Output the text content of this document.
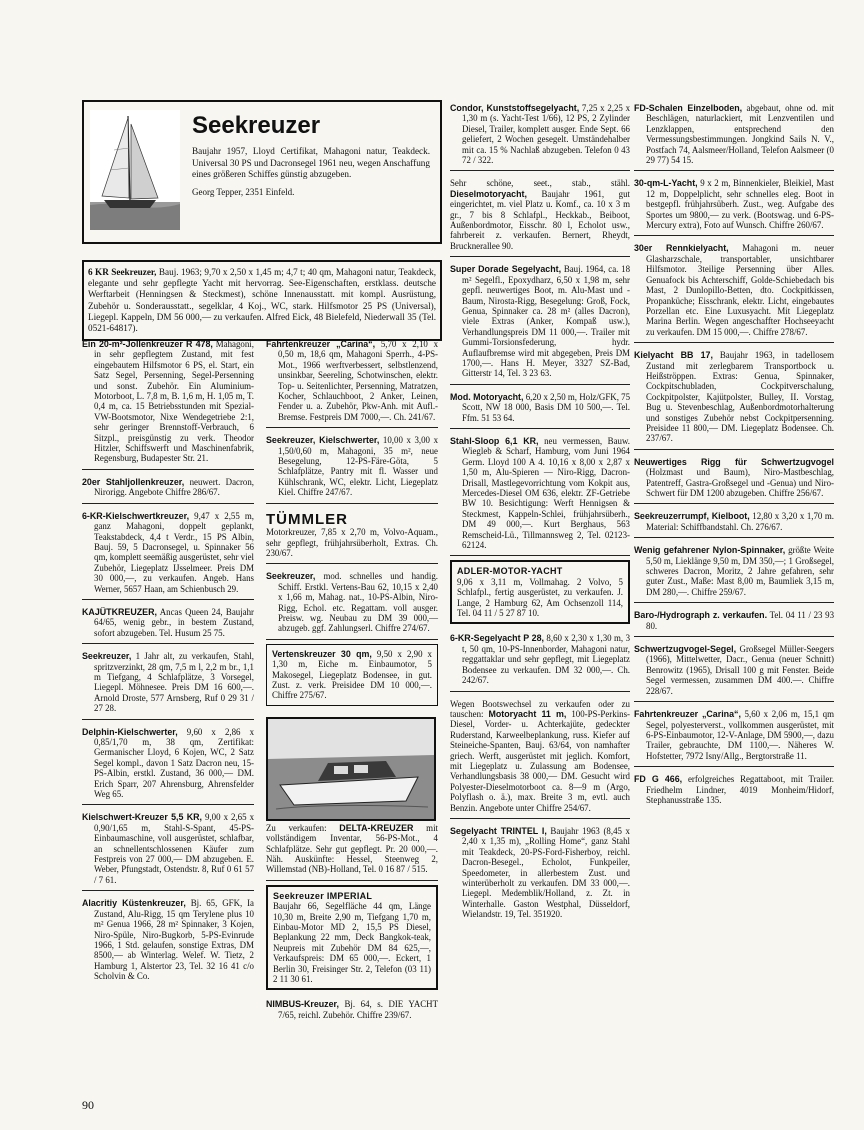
Seekreuzer
Baujahr 1957, Lloyd Certifikat, Mahagoni natur, Teakdeck. Universal 30 PS und Dacronsegel 1961 neu, wegen Anschaffung eines größeren Schiffes günstig abzugeben.
Georg Tepper, 2351 Einfeld.
6 KR Seekreuzer, Bauj. 1963; 9,70 x 2,50 x 1,45 m; 4,7 t; 40 qm, Mahagoni natur, Teakdeck, elegante und sehr gepflegte Yacht mit hervorrag. See-Eigenschaften, erstklass. deutsche Werftarbeit (Henningsen & Steckmest), schöne Innenausstatt. mit kompl. Ausrüstung, Zubehör u. Sonderausstatt., segelklar, 4 Koj., WC, stark. Hilfsmotor 25 PS (Universal), Liegepl. Kappeln, DM 56 000,— zu verkaufen. Alfred Eick, 48 Bielefeld, Niederwall 35 (Tel. 0521-64817).
Ein 20-m²-Jollenkreuzer R 478, Mahagoni, in sehr gepflegtem Zustand, mit fest eingebautem Hilfsmotor 6 PS, el. Start, ein Satz Segel, Persenning, Segel-Persenning und sonst. Zubehör. Ein Aluminium-Motorboot, L. 7,8 m, B. 1,6 m, H. 1,05 m, T. 0,4 m, ca. 15 Betriebsstunden mit Spezial-VW-Bootsmotor, Nixe Wendegetriebe 2:1, sehr geringer Brennstoff-Verbrauch, 6 Sitzpl., preisgünstig zu verk. Theodor Hitzler, Schiffswerft und Maschinenfabrik, Regensburg, Budapester Str. 21.
20er Stahljollenkreuzer, neuwert. Dacron, Nirorigg. Angebote Chiffre 286/67.
6-KR-Kielschwertkreuzer, 9,47 x 2,55 m, ganz Mahagoni, doppelt geplankt, Teakstabdeck, 4,4 t Verdr., 15 PS Albin, Bauj. 59, 5 Dacronsegel, u. Spinnaker 56 qm, komplett seemäßig ausgerüstet, sehr viel Zubehör, Liegeplatz IJsselmeer. Preis DM 30 000,—, zu verkaufen. Angeb. Hans Werner, 5657 Haan, am Schienbusch 29.
KAJÜTKREUZER, Ancas Queen 24, Baujahr 64/65, wenig gebr., in bestem Zustand, sofort abzugeben. Tel. Husum 25 75.
Seekreuzer, 1 Jahr alt, zu verkaufen, Stahl, spritzverzinkt, 28 qm, 7,5 m l, 2,2 m br., 1,1 m Tiefgang, 4 Schlafplätze, 3 Vorsegel, Liegepl. Möhnesee. Preis DM 16 600,—. Arnold Droste, 577 Arnsberg, Ruf 0 29 31 / 27 28.
Delphin-Kielschwerter, 9,60 x 2,86 x 0,85/1,70 m, 38 qm, Zertifikat: Germanischer Lloyd, 6 Kojen, WC, 2 Satz Segel kompl., davon 1 Satz Dacron neu, 15-PS-Albin, erstkl. Zustand, 36 000,— DM. Erich Sparr, 207 Ahrensburg, Ahrensfelder Weg 65.
Kielschwert-Kreuzer 5,5 KR, 9,00 x 2,65 x 0,90/1,65 m, Stahl-S-Spant, 45-PS-Einbaumaschine, voll ausgerüstet, schlafbar, an schnellentschlossenen Käufer zum Festpreis von 27 000,— DM abzugeben. E. Weber, Pfungstadt, Ostendstr. 8, Ruf 0 61 57 / 7 61.
Alacritiy Küstenkreuzer, Bj. 65, GFK, Ia Zustand, Alu-Rigg, 15 qm Terylene plus 10 m² Genua 1966, 28 m² Spinnaker, 3 Kojen, Niro-Spüle, Niro-Bugkorb, 5-PS-Evinrude 1966, 1 Std. gelaufen, sonstige Extras, DM 8500,— ab Winterlag. Welef. W. Tietz, 2 Hamburg 1, Alstertor 23, Tel. 32 16 41 c/o Scholvin & Co.
Fahrtenkreuzer „Carina“, 5,70 x 2,10 x 0,50 m, 18,6 qm, Mahagoni Sperrh., 4-PS-Mot., 1966 werftverbessert, selbstlenzend, unsinkbar, Seereling, Schotwinschen, elektr. Top- u. Seitenlichter, Persenning, Matratzen, Kocher, Schlauchboot, 2 Anker, Leinen, Fender u. a. Zubehör, Pkw-Anh. mit Aufl.-Bremse. Festpreis DM 7000,—. Ch. 241/67.
Seekreuzer, Kielschwerter, 10,00 x 3,00 x 1,50/0,60 m, Mahagoni, 35 m², neue Besegelung, 12-PS-Färe-Göta, 5 Schlafplätze, Pantry mit fl. Wasser und Kühlschrank, WC, elektr. Licht, Liegeplatz Kiel. Chiffre 247/67.
TÜMMLER
Motorkreuzer, 7,85 x 2,70 m, Volvo-Aquam., sehr gepflegt, frühjahrsüberholt, Extras. Ch. 230/67.
Seekreuzer, mod. schnelles und handig. Schiff. Erstkl. Vertens-Bau 62, 10,15 x 2,40 x 1,66 m, Mahag. nat., 10-PS-Albin, Niro-Rigg, Echol. etc. Regattam. voll ausger. Preisw. wg. Neubau zu DM 39 000,— abzugeb. ggf. Zahlungserl. Chiffre 274/67.
Vertenskreuzer 30 qm, 9,50 x 2,90 x 1,30 m, Eiche m. Einbaumotor, 5 Makosegel, Liegeplatz Bodensee, in gut. Zust. z. verk. Preisidee DM 10 000,—. Chiffre 275/67.
Zu verkaufen: DELTA-KREUZER mit vollständigem Inventar, 56-PS-Mot., 4 Schlafplätze. Sehr gut gepflegt. Pr. 20 000,—. Näh. Auskünfte: Hessel, Steenweg 2, Willemstad (NB)-Holland, Tel. 0 16 87 / 515.
Seekreuzer IMPERIAL
Baujahr 66, Segelfläche 44 qm, Länge 10,30 m, Breite 2,90 m, Tiefgang 1,70 m, Einbau-Motor MD 2, 15,5 PS Diesel, Beplankung 22 mm, Deck Bangkok-teak, Neupreis mit Zubehör DM 84 625,—, Verkaufspreis: DM 65 000,—. Eckert, 1 Berlin 30, Freisinger Str. 2, Telefon (03 11) 2 11 30 61.
NIMBUS-Kreuzer, Bj. 64, s. DIE YACHT 7/65, reichl. Zubehör. Chiffre 239/67.
Condor, Kunststoffsegelyacht, 7,25 x 2,25 x 1,30 m (s. Yacht-Test 1/66), 12 PS, 2 Zylinder Diesel, Trailer, komplett ausger. Ende Sept. 66 geliefert, 2 Wochen gesegelt. Umständehalber mit ca. 15 % Nachlaß abzugeben. Telefon 0 43 72 / 322.
Sehr schöne, seet., stab., stähl. Dieselmotoryacht, Baujahr 1961, gut eingerichtet, m. viel Platz u. Komf., ca. 10 x 3 m gr., 7 bis 8 Schlafpl., Heckkab., Beiboot, Außenbordmotor, Eisschr. 80 l, Echolot usw., fahrbereit z. verkaufen. Bernert, Rheydt, Brucknerallee 90.
Super Dorade Segelyacht, Bauj. 1964, ca. 18 m² Segelfl., Epoxydharz, 6,50 x 1,98 m, sehr gepfl. neuwertiges Boot, m. Alu-Mast und -Baum, Nirosta-Rigg, Besegelung: Groß, Fock, Genua, Spinnaker ca. 28 m² (alles Dacron), viele Extras (Anker, Kompaß usw.), Verhandlungspreis DM 11 000,—. Trailer mit Gummi-Torsionsfederung, hydr. Auflaufbremse wird mit abgegeben, Preis DM 1700,—. Hans H. Meyer, 3327 SZ-Bad, Gitterstr 14, Tel. 3 23 63.
Mod. Motoryacht, 6,20 x 2,50 m, Holz/GFK, 75 Scott, NW 18 000, Basis DM 10 500,—. Tel. Ffm. 51 53 64.
Stahl-Sloop 6,1 KR, neu vermessen, Bauw. Wiegleb & Scharf, Hamburg, vom Juni 1964 Germ. Lloyd 100 A 4. 10,16 x 8,00 x 2,87 x 1,50 m, Alu-Spieren — Niro-Rigg, Dacron-Drisall, Mastlegevorrichtung vom Kokpit aus, Mercedes-Diesel OM 636, elektr. ZF-Getriebe BW 10. Besichtigung: Werft Hennigsen & Steckmest, Kappeln-Schlei, frühjahrsüberh., DM 49 000,—. Kurt Berghaus, 563 Remscheid-Lü., Tillmannsweg 2, Tel. 02123-62124.
ADLER-MOTOR-YACHT
9,06 x 3,11 m, Vollmahag. 2 Volvo, 5 Schlafpl., fertig ausgerüstet, zu verkaufen. J. Lange, 2 Hamburg 62, Am Ochsenzoll 114, Tel. 04 11 / 5 27 87 10.
6-KR-Segelyacht P 28, 8,60 x 2,30 x 1,30 m, 3 t, 50 qm, 10-PS-Innenborder, Mahagoni natur, reggattaklar und sehr gepflegt, mit Liegeplatz Bodensee zu verkaufen. DM 32 000,—. Ch. 242/67.
Wegen Bootswechsel zu verkaufen oder zu tauschen: Motoryacht 11 m, 100-PS-Perkins-Diesel, Vorder- u. Achterkajüte, gedeckter Ruderstand, Karweelbeplankung, russ. Kiefer auf Steineiche-Spanten, Bauj. 63/64, von namhafter griech. Werft, ausgerüstet mit jeglich. Komfort, mit Liegeplatz u. Zulassung am Bodensee, Verhandlungsbasis 38 000,— DM. Gesucht wird Polyester-Dieselmotorboot ca. 8—9 m (Argo, Polyflash o. ä.), max. Breite 3 m, evtl. auch Benzin. Angebote unter Chiffre 254/67.
Segelyacht TRINTEL I, Baujahr 1963 (8,45 x 2,40 x 1,35 m), „Rolling Home“, ganz Stahl mit Teakdeck, 20-PS-Ford-Fisherboy, reichl. Dacron-Besegel., Echolot, Funkpeiler, Speedometer, in allerbestem Zust. und winterüberholt zu verkaufen. DM 33 000,—. Liegepl. Medemblik/Holland, z. Zt. in Winterhalle. Gaston Westphal, Düsseldorf, Wielandstr. 19, Tel. 351920.
FD-Schalen Einzelboden, abgebaut, ohne od. mit Beschlägen, naturlackiert, mit Lenzventilen und Lenzklappen, entsprechend den Vermessungsbestimmungen. Jongkind Sails N. V., Postfach 74, Aalsmeer/Holland, Telefon Aalsmeer (0 29 77) 54 15.
30-qm-L-Yacht, 9 x 2 m, Binnenkieler, Bleikiel, Mast 12 m, Doppelplicht, sehr schnelles eleg. Boot in bestgepfl. frühjahrsüberh. Zust., weg. Aufgabe des Sportes um 9800,— zu verk. (Bootswag. und 6-PS-Mercury extra), Foto auf Wunsch. Chiffre 260/67.
30er Rennkielyacht, Mahagoni m. neuer Glasharzschale, transportabler, unsichtbarer Hilfsmotor. 3teilige Persenning über Alles. Genuafock bis Achterschiff, Golde-Schiebedach bis Mast, 2 Dunlopillo-Betten, dto. Cockpitkissen, Propanküche; Eisschrank, elektr. Licht, eingebautes Porzellan etc. Eine Luxusyacht. Mit Liegeplatz Marina Berlin. Wegen angeschaffter Hochseeyacht zu verkaufen. DM 15 000,—. Chiffre 278/67.
Kielyacht BB 17, Baujahr 1963, in tadellosem Zustand mit zerlegbarem Transportbock u. Heißströppen. Extras: Genua, Spinnaker, Cockpitschubladen, Cockpitverschalung, Cockpitpolster, Kajütpolster, Bulley, II. Vorstag, Bug u. Stevenbeschlag, Außenbordmotorhalterung und sonstiges Zubehör nebst Cockpitpersenning. Preisidee 11 800,— DM. Liegeplatz Bodensee. Ch. 237/67.
Neuwertiges Rigg für Schwertzugvogel (Holzmast und Baum), Niro-Mastbeschlag, Patentreff, Gastra-Großsegel und -Genua) und Niro-Schwert für DM 1200 abzugeben. Chiffre 256/67.
Seekreuzerrumpf, Kielboot, 12,80 x 3,20 x 1,70 m. Material: Schiffbandstahl. Ch. 276/67.
Wenig gefahrener Nylon-Spinnaker, größte Weite 5,50 m, Lieklänge 9,50 m, DM 350,—; 1 Großsegel, schweres Dacron, Moritz, 2 Jahre gefahren, sehr guter Zust., Maße: Mast 8,00 m, Baumliek 3,15 m, DM 280,—. Chiffre 259/67.
Baro-/Hydrograph z. verkaufen. Tel. 04 11 / 23 93 80.
Schwertzugvogel-Segel, Großsegel Müller-Seegers (1966), Mittelwetter, Dacr., Genua (neuer Schnitt) Benrowitz (1965), Drisall 100 g mit Fenster. Beide Segel vermessen, zusammen DM 400.—. Chiffre 228/67.
Fahrtenkreuzer „Carina“, 5,60 x 2,06 m, 15,1 qm Segel, polyesterverst., vollkommen ausgerüstet, mit 6-PS-Einbaumotor, 12-V-Anlage, DM 5900,—, dazu Trailer, gebrauchte, DM 1100,—. Näheres W. Hofstetter, 7972 Isny/Allg., Bergtorstraße 11.
FD G 466, erfolgreiches Regattaboot, mit Trailer. Friedhelm Lindner, 4019 Monheim/Hidorf, Stephanusstraße 135.
90
